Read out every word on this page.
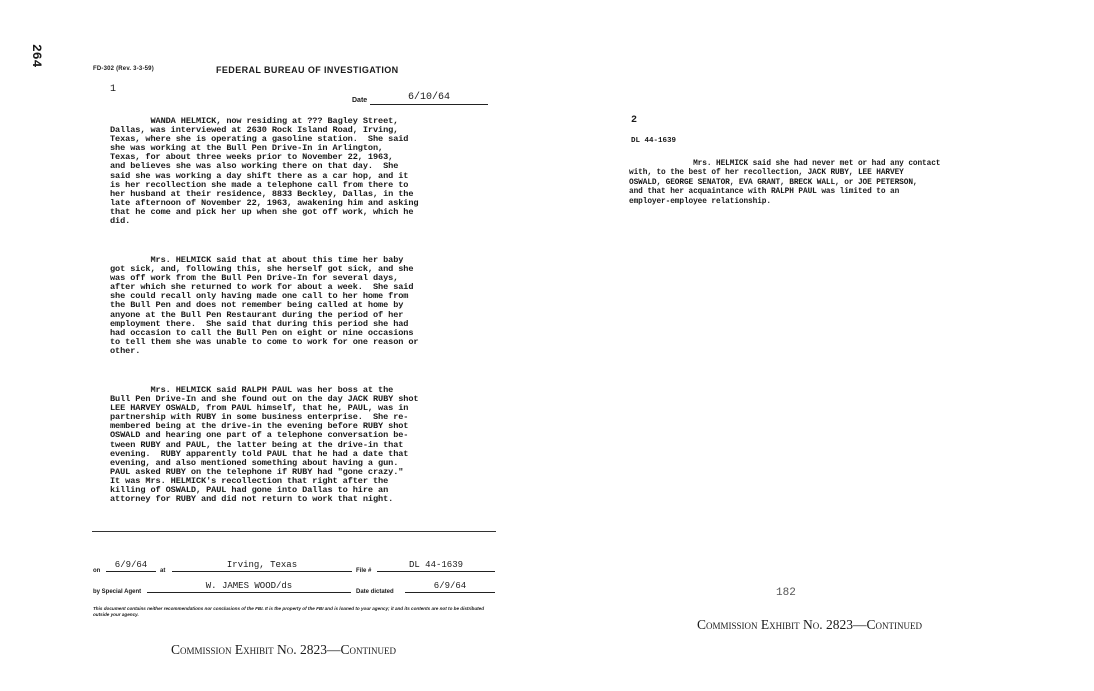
264
FD-302 (Rev. 3-3-59)	FEDERAL BUREAU OF INVESTIGATION
1
Date	6/10/64
WANDA HELMICK, now residing at ??? Bagley Street,
Dallas, was interviewed at 2630 Rock Island Road, Irving,
Texas, where she is operating a gasoline station.  She said
she was working at the Bull Pen Drive-In in Arlington,
Texas, for about three weeks prior to November 22, 1963,
and believes she was also working there on that day.  She
said she was working a day shift there as a car hop, and it
is her recollection she made a telephone call from there to
her husband at their residence, 8833 Beckley, Dallas, in the
late afternoon of November 22, 1963, awakening him and asking
that he come and pick her up when she got off work, which he
did.
Mrs. HELMICK said that at about this time her baby
got sick, and, following this, she herself got sick, and she
was off work from the Bull Pen Drive-In for several days,
after which she returned to work for about a week.  She said
she could recall only having made one call to her home from
the Bull Pen and does not remember being called at home by
anyone at the Bull Pen Restaurant during the period of her
employment there.  She said that during this period she had
had occasion to call the Bull Pen on eight or nine occasions
to tell them she was unable to come to work for one reason or
other.
Mrs. HELMICK said RALPH PAUL was her boss at the
Bull Pen Drive-In and she found out on the day JACK RUBY shot
LEE HARVEY OSWALD, from PAUL himself, that he, PAUL, was in
partnership with RUBY in some business enterprise.  She re-
membered being at the drive-in the evening before RUBY shot
OSWALD and hearing one part of a telephone conversation be-
tween RUBY and PAUL, the latter being at the drive-in that
evening.  RUBY apparently told PAUL that he had a date that
evening, and also mentioned something about having a gun.
PAUL asked RUBY on the telephone if RUBY had "gone crazy."
It was Mrs. HELMICK's recollection that right after the
killing of OSWALD, PAUL had gone into Dallas to hire an
attorney for RUBY and did not return to work that night.
on
6/9/64
at
Irving, Texas
File #
DL 44-1639
by Special Agent
W. JAMES WOOD/ds
Date dictated
6/9/64
This document contains neither recommendations nor conclusions of the FBI. It is the property of the FBI and is loaned to your agency; it and its contents are not to be distributed outside your agency.
Commission Exhibit No. 2823—Continued
2
DL 44-1639
Mrs. HELMICK said she had never met or had any contact
with, to the best of her recollection, JACK RUBY, LEE HARVEY
OSWALD, GEORGE SENATOR, EVA GRANT, BRECK WALL, or JOE PETERSON,
and that her acquaintance with RALPH PAUL was limited to an
employer-employee relationship.
182
Commission Exhibit No. 2823—Continued
